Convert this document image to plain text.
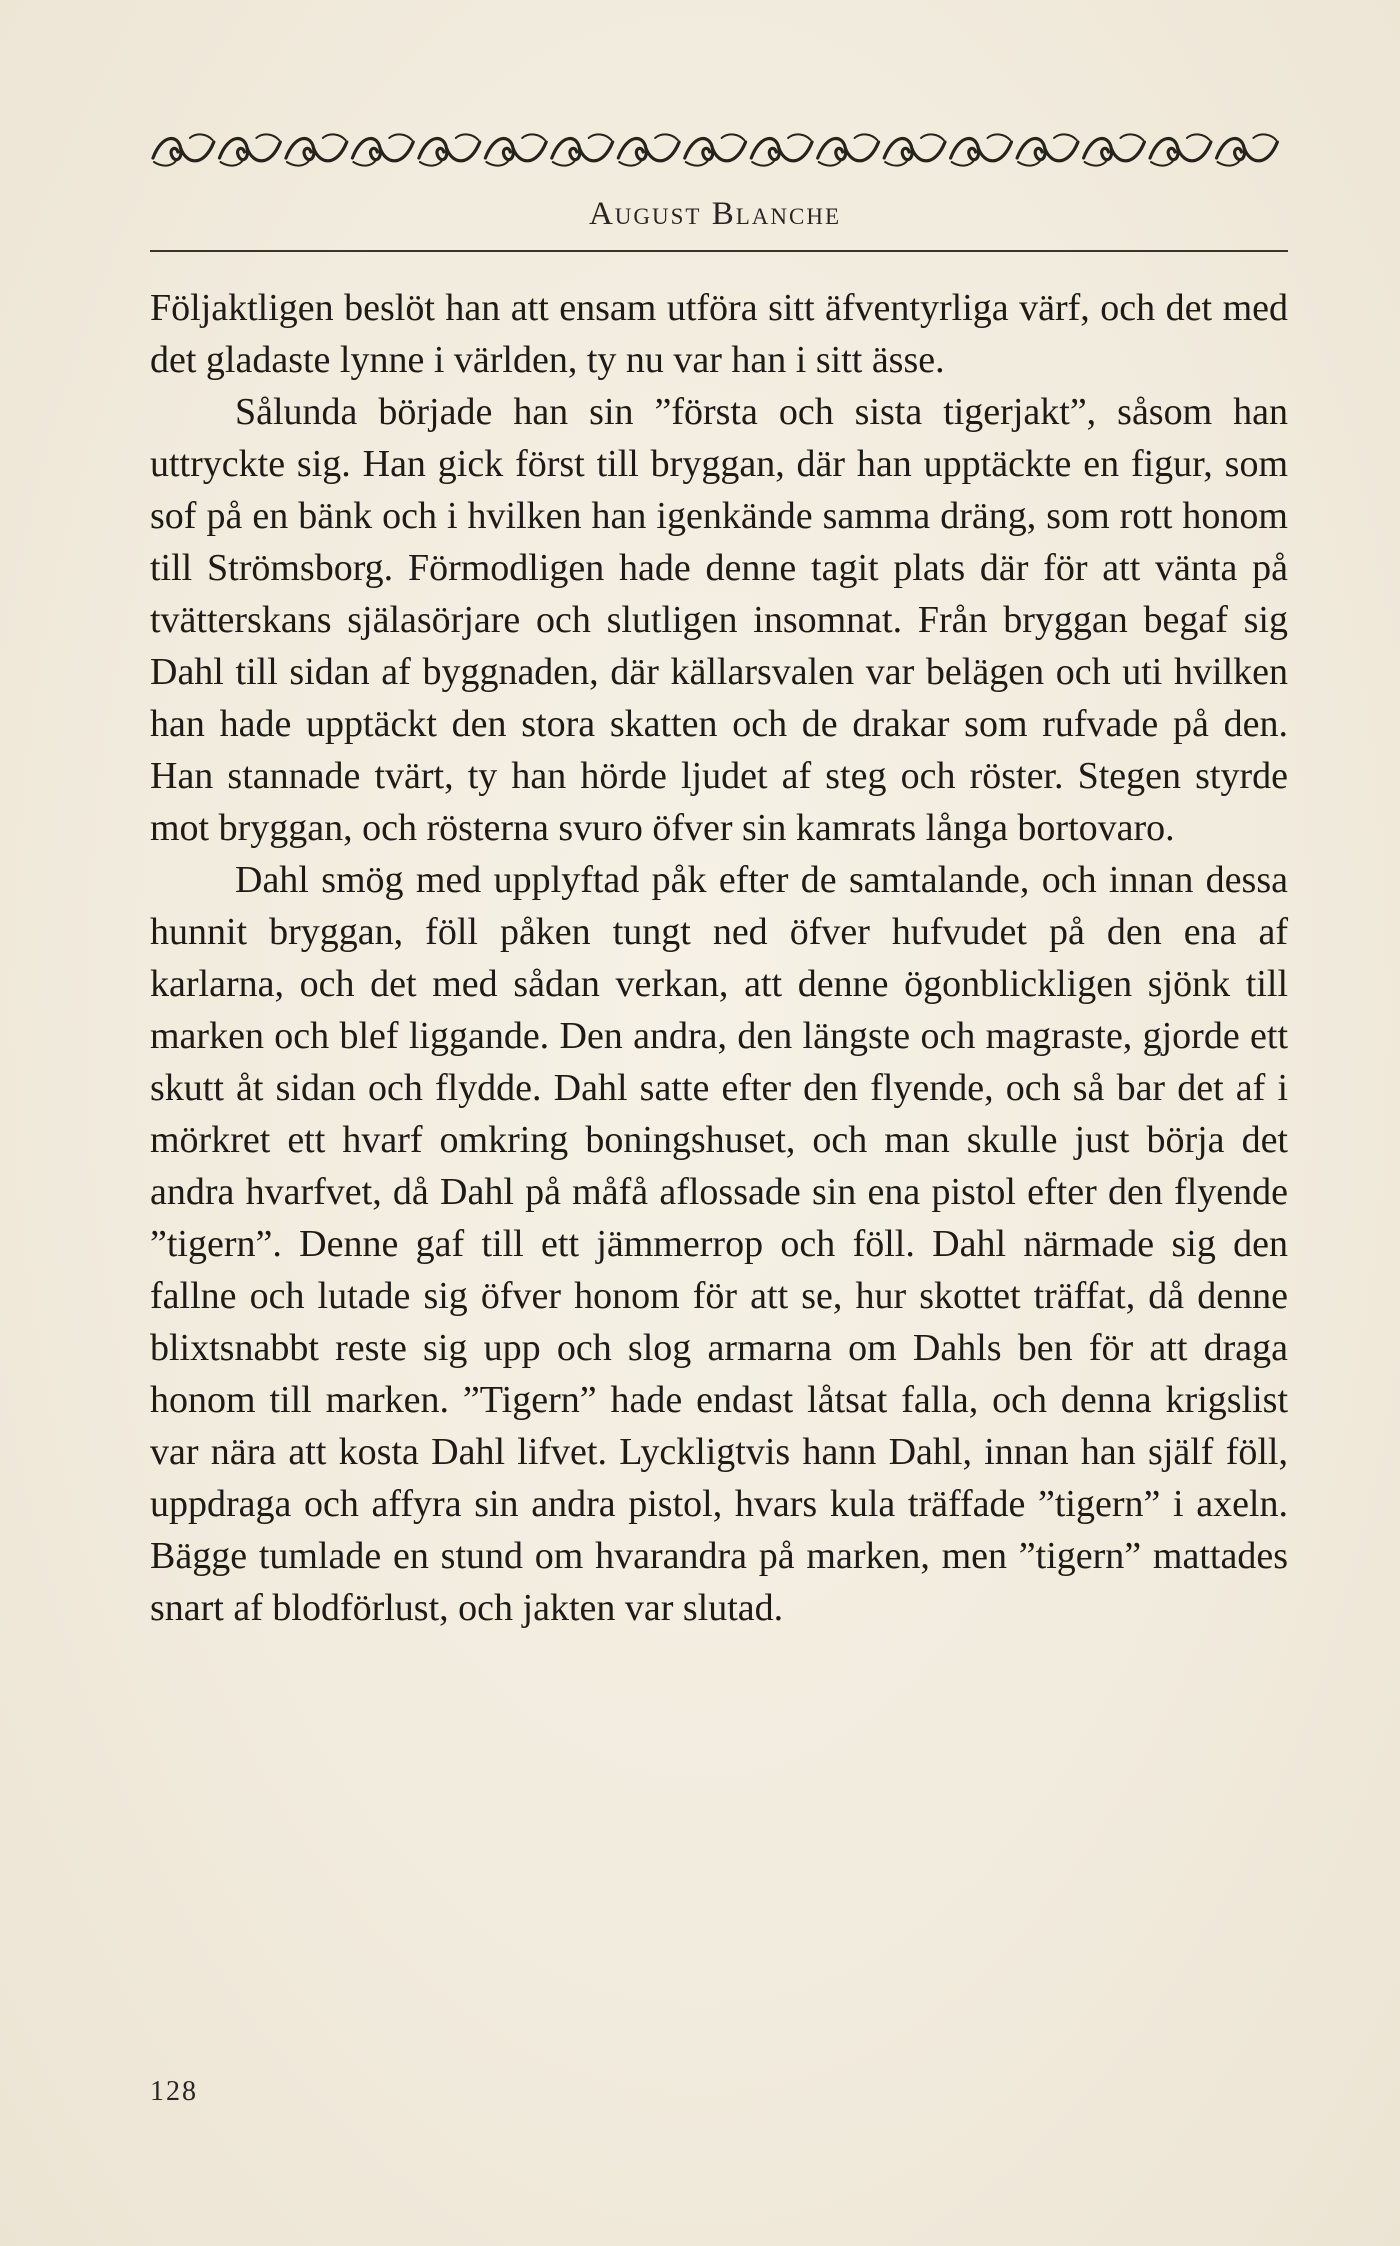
August Blanche

Följaktligen beslöt han att ensam utföra sitt äfventyrliga värf, och det med det gladaste lynne i världen, ty nu var han i sitt ässe.

Sålunda började han sin ”första och sista tigerjakt”, såsom han uttryckte sig. Han gick först till bryggan, där han upptäckte en figur, som sof på en bänk och i hvilken han igenkände samma dräng, som rott honom till Strömsborg. Förmodligen hade denne tagit plats där för att vänta på tvätterskans själasörjare och slutligen insomnat. Från bryggan begaf sig Dahl till sidan af byggnaden, där källarsvalen var belägen och uti hvilken han hade upptäckt den stora skatten och de drakar som rufvade på den. Han stannade tvärt, ty han hörde ljudet af steg och röster. Stegen styrde mot bryggan, och rösterna svuro öfver sin kamrats långa bortovaro.

Dahl smög med upplyftad påk efter de samtalande, och innan dessa hunnit bryggan, föll påken tungt ned öfver hufvudet på den ena af karlarna, och det med sådan verkan, att denne ögonblickligen sjönk till marken och blef liggande. Den andra, den längste och magraste, gjorde ett skutt åt sidan och flydde. Dahl satte efter den flyende, och så bar det af i mörkret ett hvarf omkring boningshuset, och man skulle just börja det andra hvarfvet, då Dahl på måfå aflossade sin ena pistol efter den flyende ”tigern”. Denne gaf till ett jämmerrop och föll. Dahl närmade sig den fallne och lutade sig öfver honom för att se, hur skottet träffat, då denne blixtsnabbt reste sig upp och slog armarna om Dahls ben för att draga honom till marken. ”Tigern” hade endast låtsat falla, och denna krigslist var nära att kosta Dahl lifvet. Lyckligtvis hann Dahl, innan han själf föll, uppdraga och affyra sin andra pistol, hvars kula träffade ”tigern” i axeln. Bägge tumlade en stund om hvarandra på marken, men ”tigern” mattades snart af blodförlust, och jakten var slutad.

128
